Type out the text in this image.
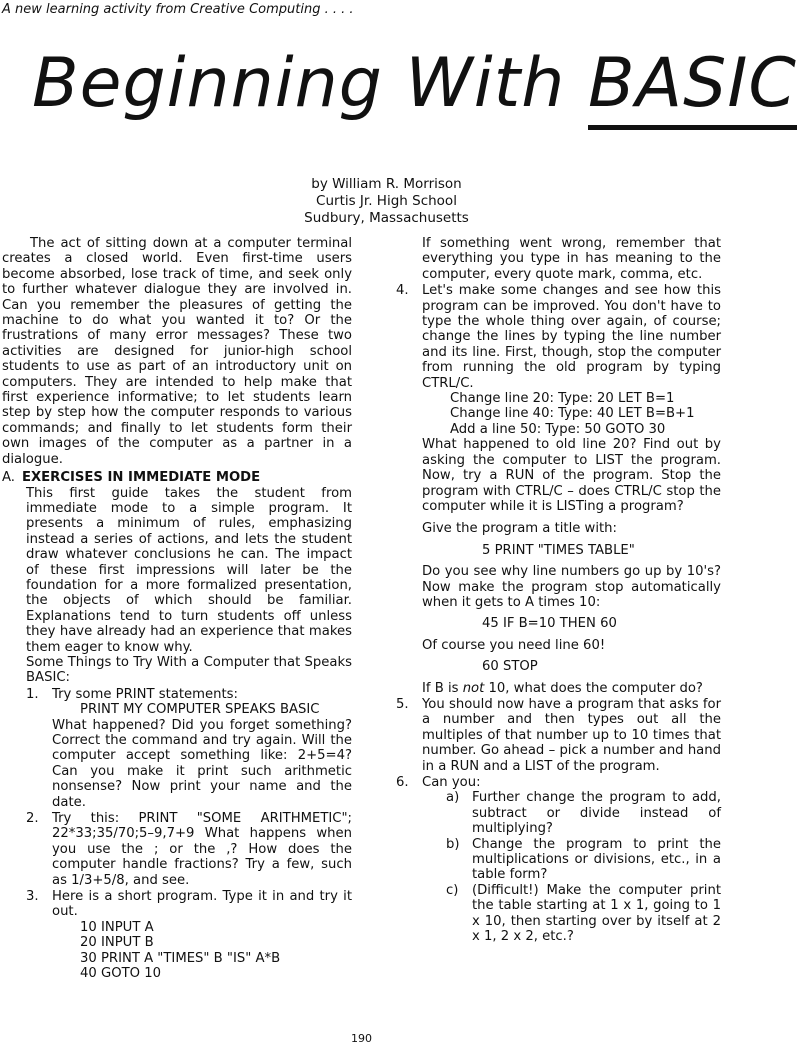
A new learning activity from Creative Computing . . . .
Beginning With BASIC
by William R. Morrison
Curtis Jr. High School
Sudbury, Massachusetts

The act of sitting down at a computer terminal creates a closed world. Even first-time users become absorbed, lose track of time, and seek only to further whatever dialogue they are involved in. Can you remember the pleasures of getting the machine to do what you wanted it to? Or the frustrations of many error messages? These two activities are designed for junior-high school students to use as part of an introductory unit on computers. They are intended to help make that first experience informative; to let students learn step by step how the computer responds to various commands; and finally to let students form their own images of the computer as a partner in a dialogue.

A. EXERCISES IN IMMEDIATE MODE

This first guide takes the student from immediate mode to a simple program. It presents a minimum of rules, emphasizing instead a series of actions, and lets the student draw whatever conclusions he can. The impact of these first impressions will later be the foundation for a more formalized presentation, the objects of which should be familiar. Explanations tend to turn students off unless they have already had an experience that makes them eager to know why.

Some Things to Try With a Computer that Speaks BASIC:

1.	Try some PRINT statements:

PRINT MY COMPUTER SPEAKS BASIC

What happened? Did you forget something? Correct the command and try again. Will the computer accept something like: 2+5=4? Can you make it print such arithmetic nonsense? Now print your name and the date.

2.	Try this: PRINT "SOME ARITHMETIC"; 22*33;35/70;5–9,7+9 What happens when you use the ; or the ,? How does the computer handle fractions? Try a few, such as 1/3+5/8, and see.

3.	Here is a short program. Type it in and try it out.

10 INPUT A

20 INPUT B

30 PRINT A "TIMES" B "IS" A*B

40 GOTO 10

If something went wrong, remember that everything you type in has meaning to the computer, every quote mark, comma, etc.

4.	Let's make some changes and see how this program can be improved. You don't have to type the whole thing over again, of course; change the lines by typing the line number and its line. First, though, stop the computer from running the old program by typing CTRL/C.

Change line 20: Type: 20 LET B=1

Change line 40: Type: 40 LET B=B+1

Add a line 50: Type: 50 GOTO 30

What happened to old line 20? Find out by asking the computer to LIST the program. Now, try a RUN of the program. Stop the program with CTRL/C – does CTRL/C stop the computer while it is LISTing a program?

Give the program a title with:

5 PRINT "TIMES TABLE"

Do you see why line numbers go up by 10's? Now make the program stop automatically when it gets to A times 10:

45 IF B=10 THEN 60

Of course you need line 60!

60 STOP

If B is not 10, what does the computer do?

5.	You should now have a program that asks for a number and then types out all the multiples of that number up to 10 times that number. Go ahead – pick a number and hand in a RUN and a LIST of the program.

6.	Can you:

a) Further change the program to add, subtract or divide instead of multiplying?
b) Change the program to print the multiplications or divisions, etc., in a table form?
c)	(Difficult!) Make the computer print the table starting at 1 x 1, going to 1 x 10, then starting over by itself at 2 x 1, 2 x 2, etc.?
190
